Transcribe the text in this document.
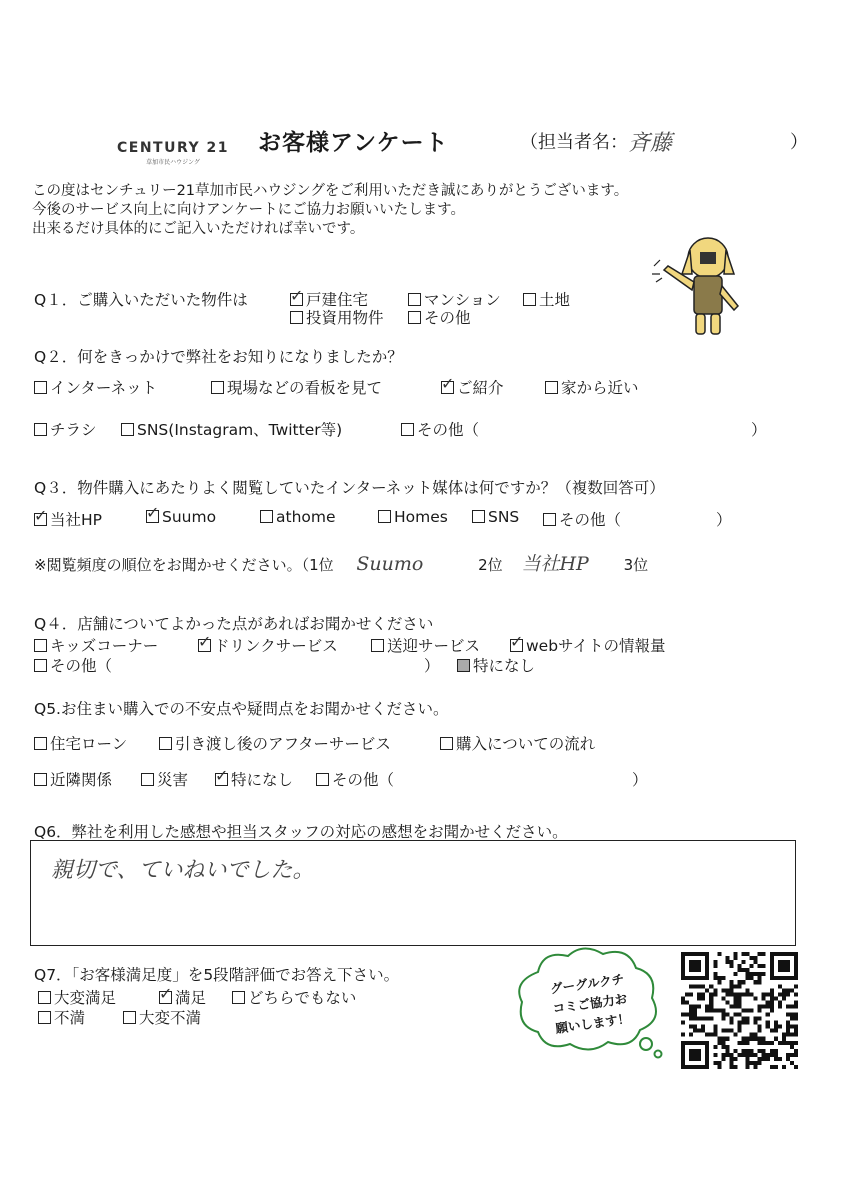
CENTURY 21
草加市民ハウジング
お客様アンケート	（担当者名： 斉藤	）
この度はセンチュリー21草加市民ハウジングをご利用いただき誠にありがとうございます。
今後のサービス向上に向けアンケートにご協力お願いいたします。
出来るだけ具体的にご記入いただければ幸いです。
Q１．ご購入いただいた物件は ✓	戸建住宅	マンション	土地
投資用物件	その他
Q２．何をきっかけで弊社をお知りになりましたか？
インターネット	現場などの看板を見て ✓	ご紹介	家から近い
チラシ	SNS(Instagram、Twitter等)	その他（	）
Q３．物件購入にあたりよく閲覧していたインターネット媒体は何ですか？（複数回答可）
✓当社HP ✓	Suumo	athome	Homes	SNS	その他（	）
※閲覧頻度の順位をお聞かせください。（1位 Suumo	2位 当社HP 3位
Q４．店舗についてよかった点があればお聞かせください
キッズコーナー ✓	ドリンクサービス	送迎サービス ✓	webサイトの情報量
その他（	）	特になし
Q5.お住まい購入での不安点や疑問点をお聞かせください。
住宅ローン	引き渡し後のアフターサービス	購入についての流れ
近隣関係	災害 ✓	特になし	その他（	）
Q6．弊社を利用した感想や担当スタッフの対応の感想をお聞かせください。
親切で、ていねいでした。
Q7．「お客様満足度」を5段階評価でお答え下さい。
大変満足 ✓	満足	どちらでもない
不満	大変不満
グーグルクチ
コミご協力お
願いします！
